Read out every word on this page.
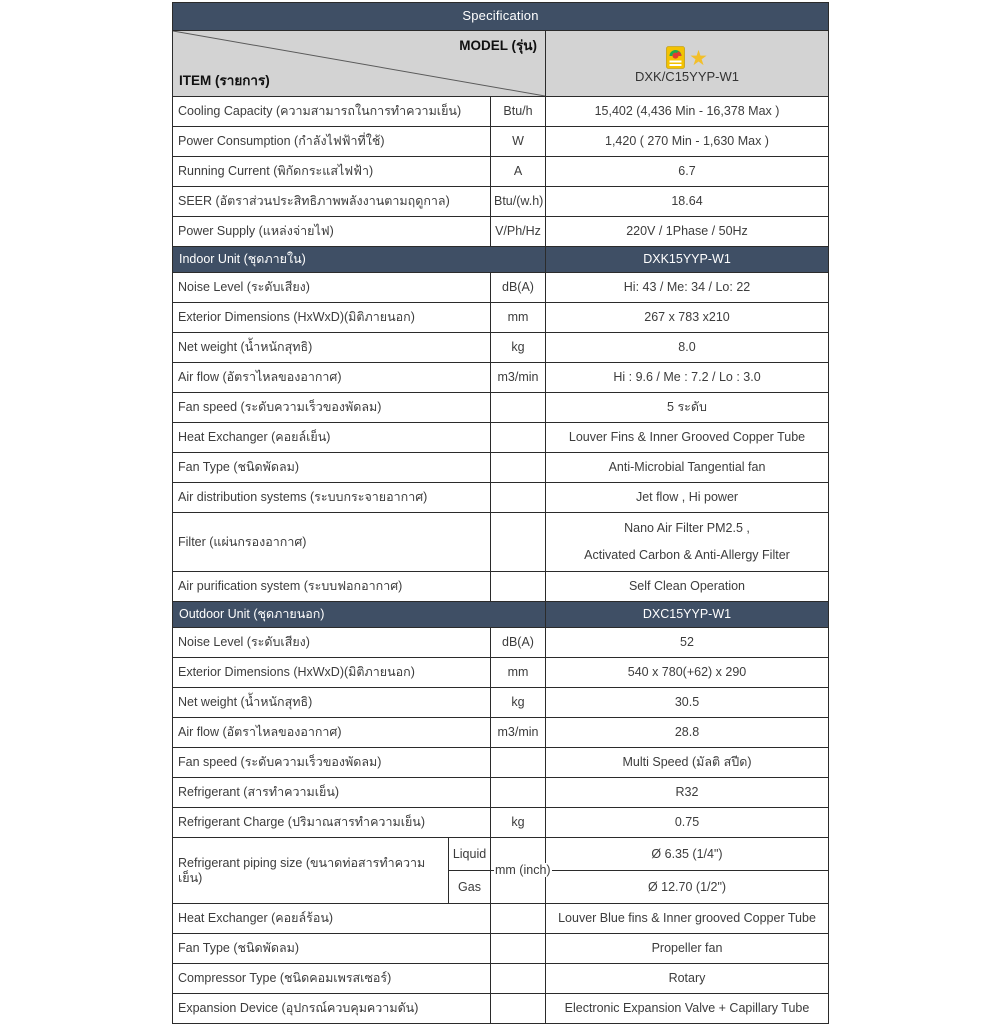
Specification			

MODEL (รุ่น)
ITEM (รายการ)

★
DXK/C15YYP-W1

Cooling Capacity (ความสามารถในการทำความเย็น)		Btu/h	15,402 (4,436 Min - 16,378 Max )
Power Consumption (กำลังไฟฟ้าที่ใช้)		W	1,420 ( 270 Min - 1,630 Max )
Running Current (พิกัดกระแสไฟฟ้า)		A	6.7
SEER (อัตราส่วนประสิทธิภาพพลังงานตามฤดูกาล)		Btu/(w.h)	18.64
Power Supply (แหล่งจ่ายไฟ)		V/Ph/Hz	220V / 1Phase / 50Hz
Indoor Unit (ชุดภายใน)			DXK15YYP-W1
Noise Level (ระดับเสียง)		dB(A)	Hi: 43 / Me: 34 / Lo: 22
Exterior Dimensions (HxWxD)(มิติภายนอก)		mm	267 x 783 x210
Net weight (น้ำหนักสุทธิ)		kg	8.0
Air flow (อัตราไหลของอากาศ)		m3/min	Hi : 9.6 / Me : 7.2 / Lo : 3.0
Fan speed (ระดับความเร็วของพัดลม)			5 ระดับ
Heat Exchanger (คอยล์เย็น)			Louver Fins & Inner Grooved Copper Tube
Fan Type (ชนิดพัดลม)			Anti-Microbial Tangential fan
Air distribution systems (ระบบกระจายอากาศ)			Jet flow , Hi power
Filter (แผ่นกรองอากาศ)			Nano Air Filter PM2.5 ,
Activated Carbon & Anti-Allergy Filter

Air purification system (ระบบฟอกอากาศ)			Self Clean Operation
Outdoor Unit (ชุดภายนอก)			DXC15YYP-W1
Noise Level (ระดับเสียง)		dB(A)	52
Exterior Dimensions (HxWxD)(มิติภายนอก)		mm	540 x 780(+62) x 290
Net weight (น้ำหนักสุทธิ)		kg	30.5
Air flow (อัตราไหลของอากาศ)		m3/min	28.8
Fan speed (ระดับความเร็วของพัดลม)			Multi Speed (มัลติ สปีด)
Refrigerant (สารทำความเย็น)			R32
Refrigerant Charge (ปริมาณสารทำความเย็น)		kg	0.75
Refrigerant piping size (ขนาดท่อสารทำความเย็น)	Liquid	mm (inch)	Ø 6.35 (1/4")
	Gas		Ø 12.70 (1/2")
Heat Exchanger (คอยล์ร้อน)			Louver Blue fins & Inner grooved Copper Tube
Fan Type (ชนิดพัดลม)			Propeller fan
Compressor Type (ชนิดคอมเพรสเซอร์)			Rotary
Expansion Device (อุปกรณ์ควบคุมความดัน)			Electronic Expansion Valve + Capillary Tube
